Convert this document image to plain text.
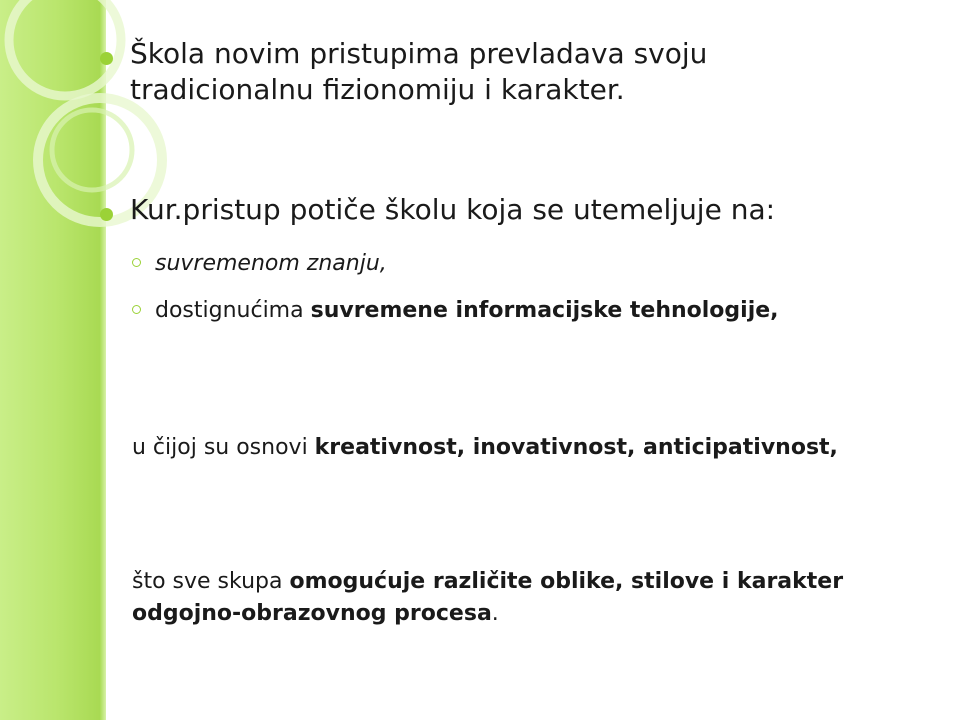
Škola novim pristupima prevladava svoju tradicionalnu fizionomiju i karakter.
Kur.pristup potiče školu koja se utemeljuje na:
suvremenom znanju,
dostignućima suvremene informacijske tehnologije,
u čijoj su osnovi kreativnost, inovativnost, anticipativnost,
što sve skupa omogućuje različite oblike, stilove i karakter odgojno-obrazovnog procesa.
